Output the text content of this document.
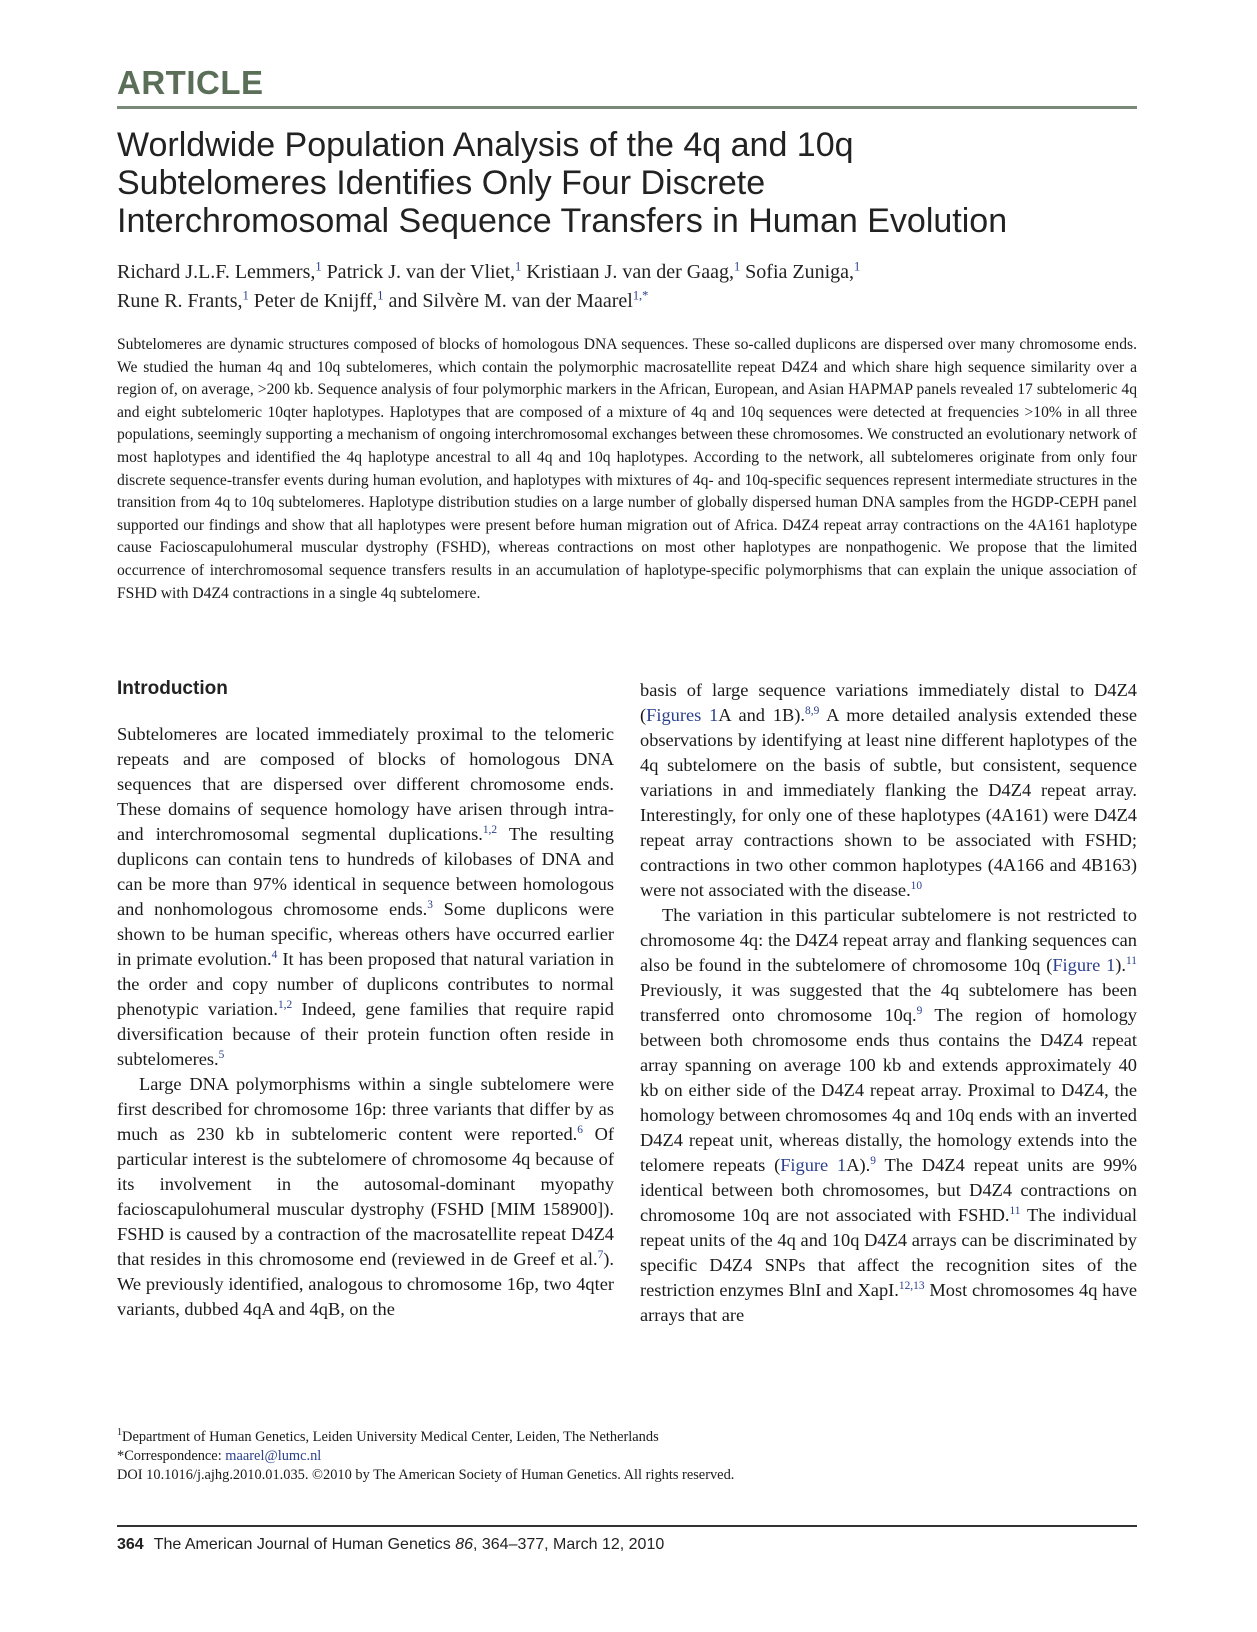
ARTICLE
Worldwide Population Analysis of the 4q and 10q
Subtelomeres Identifies Only Four Discrete
Interchromosomal Sequence Transfers in Human Evolution
Richard J.L.F. Lemmers,$^1$ Patrick J. van der Vliet,$^1$ Kristiaan J. van der Gaag,$^1$ Sofia Zuniga,$^1$
Rune R. Frants,$^1$ Peter de Knijff,$^1$ and Silvère M. van der Maarel$^{1,*}$
Subtelomeres are dynamic structures composed of blocks of homologous DNA sequences. These so-called duplicons are dispersed over many chromosome ends. We studied the human 4q and 10q subtelomeres, which contain the polymorphic macrosatellite repeat D4Z4 and which share high sequence similarity over a region of, on average, >200 kb. Sequence analysis of four polymorphic markers in the African, European, and Asian HAPMAP panels revealed 17 subtelomeric 4q and eight subtelomeric 10qter haplotypes. Haplotypes that are composed of a mixture of 4q and 10q sequences were detected at frequencies >10% in all three populations, seemingly supporting a mechanism of ongoing interchromosomal exchanges between these chromosomes. We constructed an evolutionary network of most haplotypes and identified the 4q haplotype ancestral to all 4q and 10q haplotypes. According to the network, all subtelomeres originate from only four discrete sequence-transfer events during human evolution, and haplotypes with mixtures of 4q- and 10q-specific sequences represent intermediate structures in the transition from 4q to 10q subtelomeres. Haplotype distribution studies on a large number of globally dispersed human DNA samples from the HGDP-CEPH panel supported our findings and show that all haplotypes were present before human migration out of Africa. D4Z4 repeat array contractions on the 4A161 haplotype cause Facioscapulohumeral muscular dystrophy (FSHD), whereas contractions on most other haplotypes are nonpathogenic. We propose that the limited occurrence of interchromosomal sequence transfers results in an accumulation of haplotype-specific polymorphisms that can explain the unique association of FSHD with D4Z4 contractions in a single 4q subtelomere.
Introduction

Subtelomeres are located immediately proximal to the telomeric repeats and are composed of blocks of homologous DNA sequences that are dispersed over different chromosome ends. These domains of sequence homology have arisen through intra- and interchromosomal segmental duplications.$^{1,2}$ The resulting duplicons can contain tens to hundreds of kilobases of DNA and can be more than 97% identical in sequence between homologous and nonhomologous chromosome ends.$^3$ Some duplicons were shown to be human specific, whereas others have occurred earlier in primate evolution.$^4$ It has been proposed that natural variation in the order and copy number of duplicons contributes to normal phenotypic variation.$^{1,2}$ Indeed, gene families that require rapid diversification because of their protein function often reside in subtelomeres.$^5$

Large DNA polymorphisms within a single subtelomere were first described for chromosome 16p: three variants that differ by as much as 230 kb in subtelomeric content were reported.$^6$ Of particular interest is the subtelomere of chromosome 4q because of its involvement in the autosomal-dominant myopathy facioscapulohumeral muscular dystrophy (FSHD [MIM 158900]). FSHD is caused by a contraction of the macrosatellite repeat D4Z4 that resides in this chromosome end (reviewed in de Greef et al.$^7$). We previously identified, analogous to chromosome 16p, two 4qter variants, dubbed 4qA and 4qB, on the

basis of large sequence variations immediately distal to D4Z4 (Figures 1A and 1B).$^{8,9}$ A more detailed analysis extended these observations by identifying at least nine different haplotypes of the 4q subtelomere on the basis of subtle, but consistent, sequence variations in and immediately flanking the D4Z4 repeat array. Interestingly, for only one of these haplotypes (4A161) were D4Z4 repeat array contractions shown to be associated with FSHD; contractions in two other common haplotypes (4A166 and 4B163) were not associated with the disease.$^{10}$

The variation in this particular subtelomere is not restricted to chromosome 4q: the D4Z4 repeat array and flanking sequences can also be found in the subtelomere of chromosome 10q (Figure 1).$^{11}$ Previously, it was suggested that the 4q subtelomere has been transferred onto chromosome 10q.$^9$ The region of homology between both chromosome ends thus contains the D4Z4 repeat array spanning on average 100 kb and extends approximately 40 kb on either side of the D4Z4 repeat array. Proximal to D4Z4, the homology between chromosomes 4q and 10q ends with an inverted D4Z4 repeat unit, whereas distally, the homology extends into the telomere repeats (Figure 1A).$^9$ The D4Z4 repeat units are 99% identical between both chromosomes, but D4Z4 contractions on chromosome 10q are not associated with FSHD.$^{11}$ The individual repeat units of the 4q and 10q D4Z4 arrays can be discriminated by specific D4Z4 SNPs that affect the recognition sites of the restriction enzymes BlnI and XapI.$^{12,13}$ Most chromosomes 4q have arrays that are

$^1$Department of Human Genetics, Leiden University Medical Center, Leiden, The Netherlands
*Correspondence: maarel@lumc.nl
DOI 10.1016/j.ajhg.2010.01.035. ©2010 by The American Society of Human Genetics. All rights reserved.
364 The American Journal of Human Genetics 86, 364–377, March 12, 2010
